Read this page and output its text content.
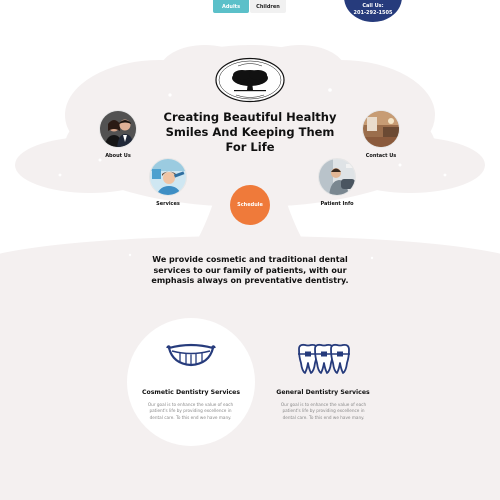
Adults	Children	Call Us:
201-292-1505
Creating Beautiful Healthy Smiles And Keeping Them For Life
About Us	Contact Us
Services	Patient Info
Schedule
We provide cosmetic and traditional dental services to our family of patients, with our emphasis always on preventative dentistry.
Cosmetic Dentistry Services
Our goal is to enhance the value of each patient's life by providing excellence in dental care. To this end we have many.
General Dentistry Services
Our goal is to enhance the value of each patient's life by providing excellence in dental care. To this end we have many.
